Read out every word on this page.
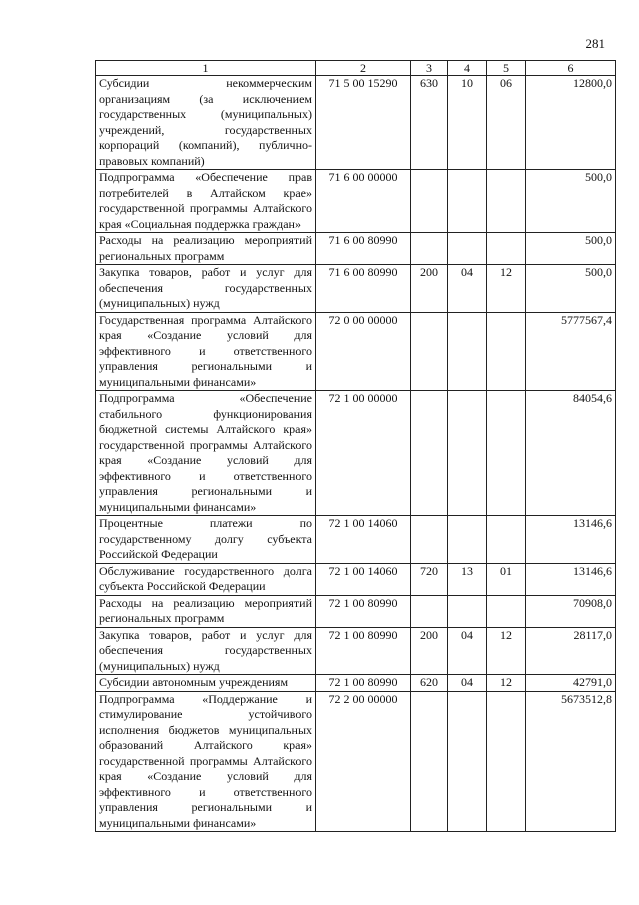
281
1	2	3	4	5	6
Субсидии некоммерческим организациям (за исключением государственных (муниципальных) учреждений, государственных корпораций (компаний), публично-правовых компаний)	71 5 00 15290	630	10	06	12800,0
Подпрограмма «Обеспечение прав потребителей в Алтайском крае» государственной программы Алтайского края «Социальная поддержка граждан»	71 6 00 00000				500,0
Расходы на реализацию мероприятий региональных программ	71 6 00 80990				500,0
Закупка товаров, работ и услуг для обеспечения государственных (муниципальных) нужд	71 6 00 80990	200	04	12	500,0
Государственная программа Алтайского края «Создание условий для эффективного и ответственного управления региональными и муниципальными финансами»	72 0 00 00000				5777567,4
Подпрограмма «Обеспечение стабильного функционирования бюджетной системы Алтайского края» государственной программы Алтайского края «Создание условий для эффективного и ответственного управления региональными и муниципальными финансами»	72 1 00 00000				84054,6
Процентные платежи по государственному долгу субъекта Российской Федерации	72 1 00 14060				13146,6
Обслуживание государственного долга субъекта Российской Федерации	72 1 00 14060	720	13	01	13146,6
Расходы на реализацию мероприятий региональных программ	72 1 00 80990				70908,0
Закупка товаров, работ и услуг для обеспечения государственных (муниципальных) нужд	72 1 00 80990	200	04	12	28117,0
Субсидии автономным учреждениям	72 1 00 80990	620	04	12	42791,0
Подпрограмма «Поддержание и стимулирование устойчивого исполнения бюджетов муниципальных образований Алтайского края» государственной программы Алтайского края «Создание условий для эффективного и ответственного управления региональными и муниципальными финансами»	72 2 00 00000				5673512,8
